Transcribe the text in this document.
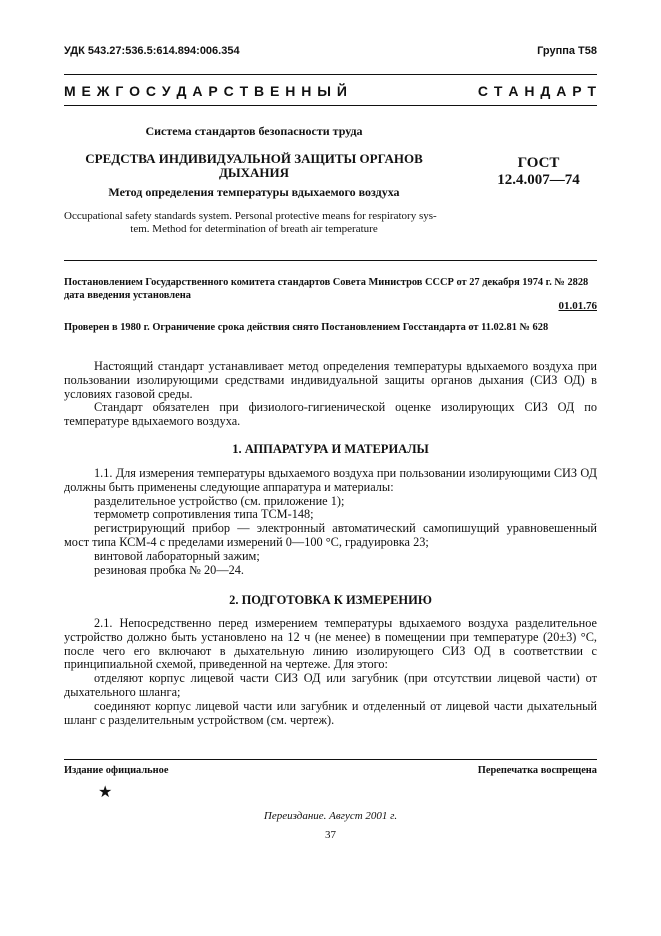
УДК 543.27:536.5:614.894:006.354	Группа Т58
М Е Ж Г О С У Д А Р С Т В Е Н Н Ы Й	С Т А Н Д А Р Т
Система стандартов безопасности труда
СРЕДСТВА ИНДИВИДУАЛЬНОЙ ЗАЩИТЫ ОРГАНОВ
ДЫХАНИЯ
Метод определения температуры вдыхаемого воздуха
ГОСТ
12.4.007—74
Occupational safety standards system. Personal protective means for respiratory sys-
tem. Method for determination of breath air temperature
Постановлением Государственного комитета стандартов Совета Министров СССР от 27 декабря 1974 г. № 2828
дата введения установлена
01.01.76
Проверен в 1980 г. Ограничение срока действия снято Постановлением Госстандарта от 11.02.81 № 628

Настоящий стандарт устанавливает метод определения температуры вдыхаемого воздуха при пользовании изолирующими средствами индивидуальной защиты органов дыхания (СИЗ ОД) в условиях газовой среды.

Стандарт обязателен при физиолого-гигиенической оценке изолирующих СИЗ ОД по температуре вдыхаемого воздуха.

1. АППАРАТУРА И МАТЕРИАЛЫ

1.1. Для измерения температуры вдыхаемого воздуха при пользовании изолирующими СИЗ ОД должны быть применены следующие аппаратура и материалы:

разделительное устройство (см. приложение 1);

термометр сопротивления типа ТСМ-148;

регистрирующий прибор — электронный автоматический самопишущий уравновешенный мост типа КСМ-4 с пределами измерений 0—100 °С, градуировка 23;

винтовой лабораторный зажим;

резиновая пробка № 20—24.

2. ПОДГОТОВКА К ИЗМЕРЕНИЮ

2.1. Непосредственно перед измерением температуры вдыхаемого воздуха разделительное устройство должно быть установлено на 12 ч (не менее) в помещении при температуре (20±3) °С, после чего его включают в дыхательную линию изолирующего СИЗ ОД в соответствии с принципиальной схемой, приведенной на чертеже. Для этого:

отделяют корпус лицевой части СИЗ ОД или загубник (при отсутствии лицевой части) от дыхательного шланга;

соединяют корпус лицевой части или загубник и отделенный от лицевой части дыхательный шланг с разделительным устройством (см. чертеж).

Издание официальное	Перепечатка воспрещена
★
Переиздание. Август 2001 г.
37
